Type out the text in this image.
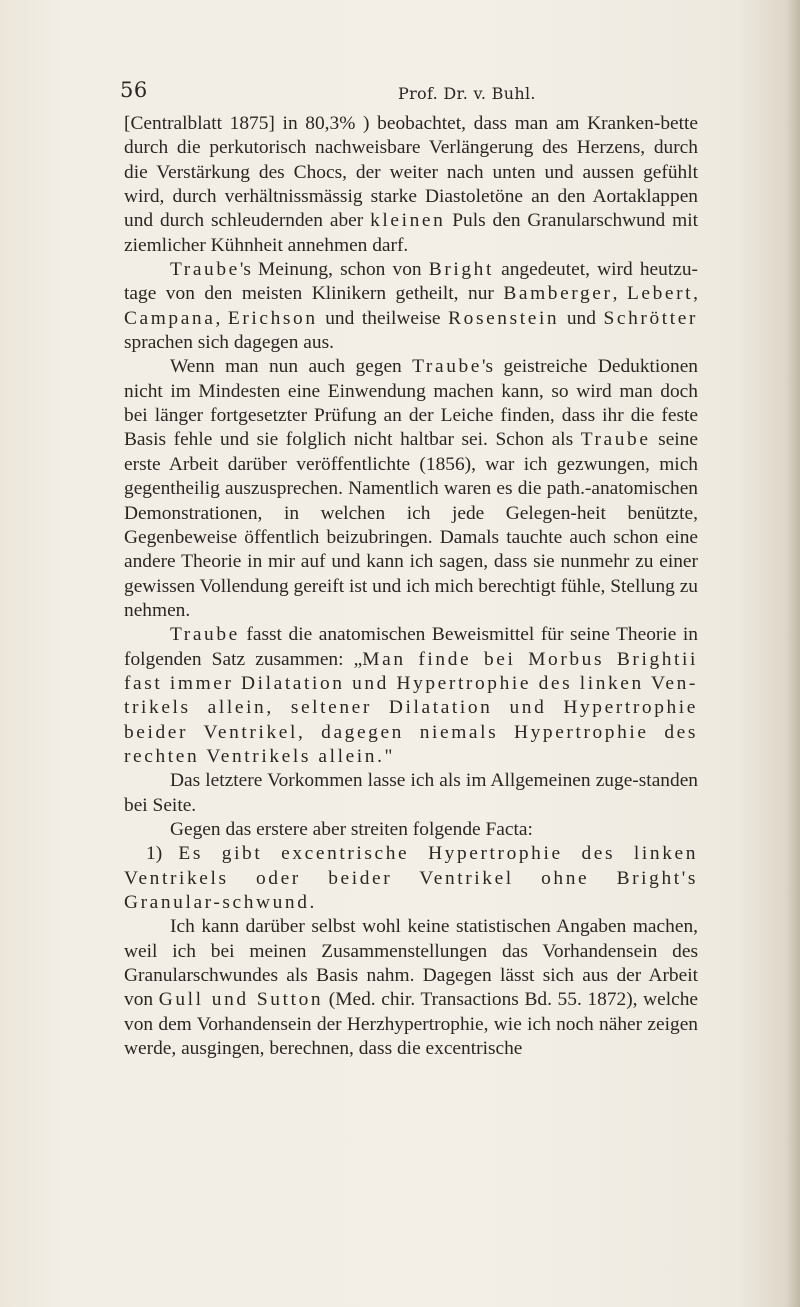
56	Prof. Dr. v. Buhl.

[Centralblatt 1875] in 80,3% ) beobachtet, dass man am Kranken-bette durch die perkutorisch nachweisbare Verlängerung des Herzens, durch die Verstärkung des Chocs, der weiter nach unten und aussen gefühlt wird, durch verhältnissmässig starke Diastoletöne an den Aortaklappen und durch schleudernden aber kleinen Puls den Granularschwund mit ziemlicher Kühnheit annehmen darf.

Traube's Meinung, schon von Bright angedeutet, wird heutzu-tage von den meisten Klinikern getheilt, nur Bamberger, Lebert, Campana, Erichson und theilweise Rosenstein und Schrötter sprachen sich dagegen aus.

Wenn man nun auch gegen Traube's geistreiche Deduktionen nicht im Mindesten eine Einwendung machen kann, so wird man doch bei länger fortgesetzter Prüfung an der Leiche finden, dass ihr die feste Basis fehle und sie folglich nicht haltbar sei. Schon als Traube seine erste Arbeit darüber veröffentlichte (1856), war ich gezwungen, mich gegentheilig auszusprechen. Namentlich waren es die path.-anatomischen Demonstrationen, in welchen ich jede Gelegen-heit benützte, Gegenbeweise öffentlich beizubringen. Damals tauchte auch schon eine andere Theorie in mir auf und kann ich sagen, dass sie nunmehr zu einer gewissen Vollendung gereift ist und ich mich berechtigt fühle, Stellung zu nehmen.

Traube fasst die anatomischen Beweismittel für seine Theorie in folgenden Satz zusammen: „Man finde bei Morbus Brightii fast immer Dilatation und Hypertrophie des linken Ven-trikels allein, seltener Dilatation und Hypertrophie beider Ventrikel, dagegen niemals Hypertrophie des rechten Ventrikels allein."

Das letztere Vorkommen lasse ich als im Allgemeinen zuge-standen bei Seite.

Gegen das erstere aber streiten folgende Facta:

1) Es gibt excentrische Hypertrophie des linken Ventrikels oder beider Ventrikel ohne Bright's Granular-schwund.

Ich kann darüber selbst wohl keine statistischen Angaben machen, weil ich bei meinen Zusammenstellungen das Vorhandensein des Granularschwundes als Basis nahm. Dagegen lässt sich aus der Arbeit von Gull und Sutton (Med. chir. Transactions Bd. 55. 1872), welche von dem Vorhandensein der Herzhypertrophie, wie ich noch näher zeigen werde, ausgingen, berechnen, dass die excentrische
